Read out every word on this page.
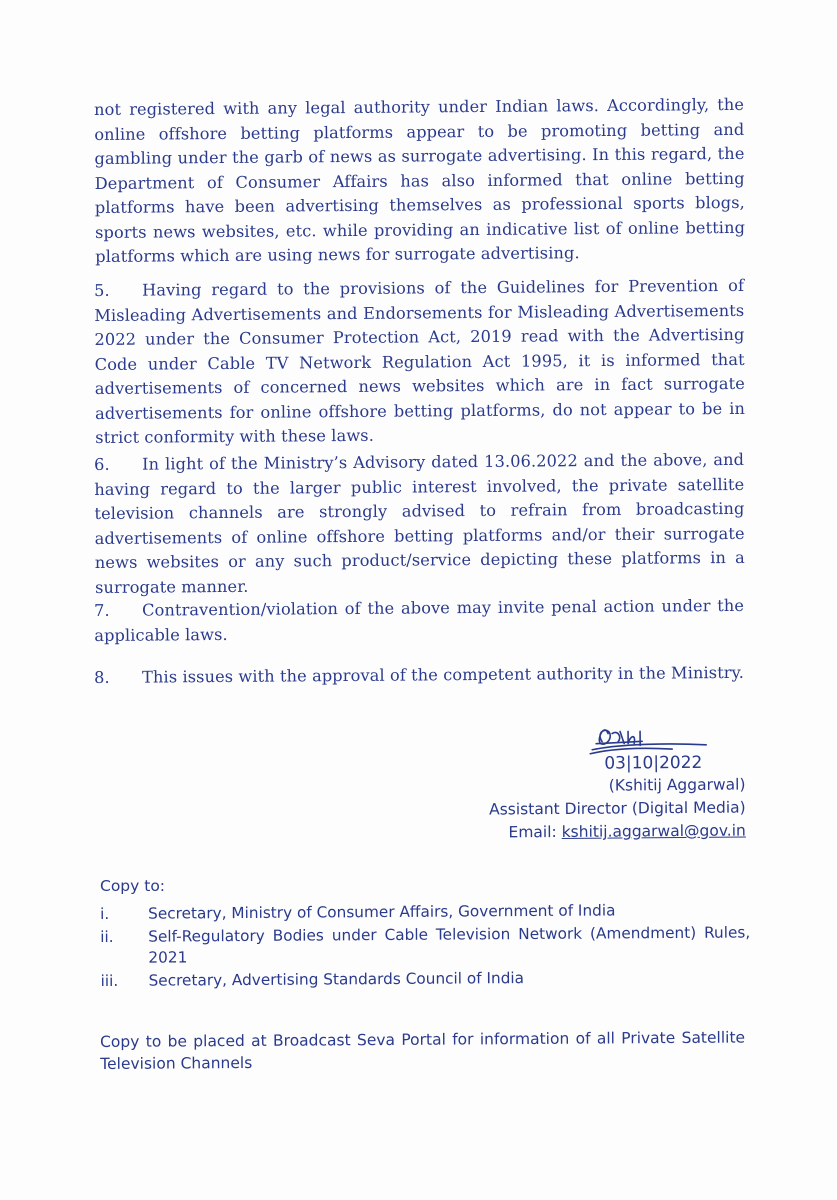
not registered with any legal authority under Indian laws. Accordingly, the online offshore betting platforms appear to be promoting betting and gambling under the garb of news as surrogate advertising. In this regard, the Department of Consumer Affairs has also informed that online betting platforms have been advertising themselves as professional sports blogs, sports news websites, etc. while providing an indicative list of online betting platforms which are using news for surrogate advertising.
5. Having regard to the provisions of the Guidelines for Prevention of Misleading Advertisements and Endorsements for Misleading Advertisements 2022 under the Consumer Protection Act, 2019 read with the Advertising Code under Cable TV Network Regulation Act 1995, it is informed that advertisements of concerned news websites which are in fact surrogate advertisements for online offshore betting platforms, do not appear to be in strict conformity with these laws.
6. In light of the Ministry’s Advisory dated 13.06.2022 and the above, and having regard to the larger public interest involved, the private satellite television channels are strongly advised to refrain from broadcasting advertisements of online offshore betting platforms and/or their surrogate news websites or any such product/service depicting these platforms in a surrogate manner.
7. Contravention/violation of the above may invite penal action under the applicable laws.
8. This issues with the approval of the competent authority in the Ministry.
03|10|2022
(Kshitij Aggarwal)
Assistant Director (Digital Media)
Email: kshitij.aggarwal@gov.in
Copy to:
i.	Secretary, Ministry of Consumer Affairs, Government of India
ii.	Self-Regulatory Bodies under Cable Television Network (Amendment) Rules, 2021
iii.	Secretary, Advertising Standards Council of India
Copy to be placed at Broadcast Seva Portal for information of all Private Satellite Television Channels
